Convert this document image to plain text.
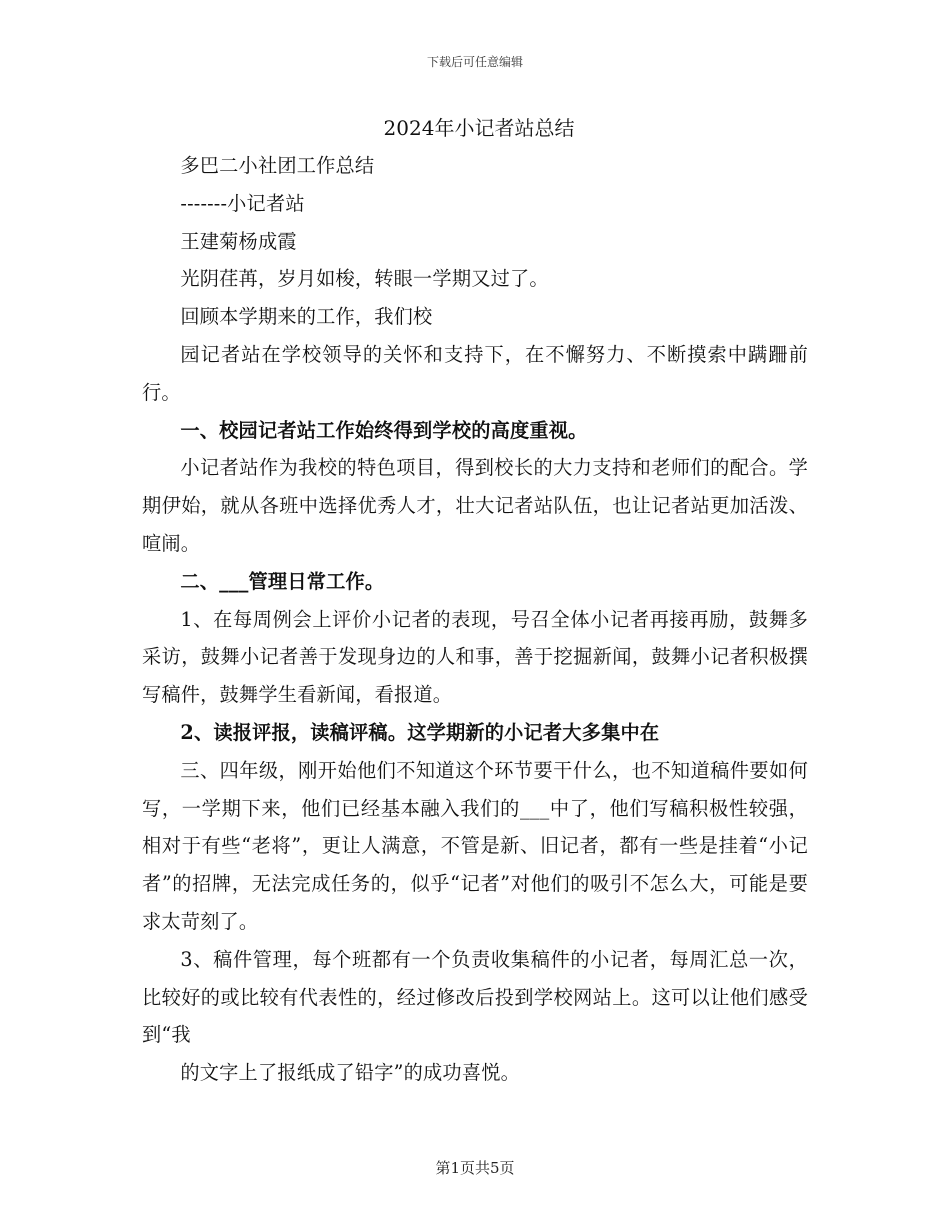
下载后可任意编辑
2024年小记者站总结

多巴二小社团工作总结

-------小记者站

王建菊杨成霞

光阴荏苒，岁月如梭，转眼一学期又过了。

回顾本学期来的工作，我们校

园记者站在学校领导的关怀和支持下，在不懈努力、不断摸索中蹒跚前行。

一、校园记者站工作始终得到学校的高度重视。

小记者站作为我校的特色项目，得到校长的大力支持和老师们的配合。学期伊始，就从各班中选择优秀人才，壮大记者站队伍，也让记者站更加活泼、喧闹。

二、___管理日常工作。

1、在每周例会上评价小记者的表现，号召全体小记者再接再励，鼓舞多采访，鼓舞小记者善于发现身边的人和事，善于挖掘新闻，鼓舞小记者积极撰写稿件，鼓舞学生看新闻，看报道。

2、读报评报，读稿评稿。这学期新的小记者大多集中在

三、四年级，刚开始他们不知道这个环节要干什么，也不知道稿件要如何写，一学期下来，他们已经基本融入我们的___中了，他们写稿积极性较强，相对于有些“老将”，更让人满意，不管是新、旧记者，都有一些是挂着“小记者”的招牌，无法完成任务的，似乎“记者”对他们的吸引不怎么大，可能是要求太苛刻了。

3、稿件管理，每个班都有一个负责收集稿件的小记者，每周汇总一次，比较好的或比较有代表性的，经过修改后投到学校网站上。这可以让他们感受到“我

的文字上了报纸成了铅字”的成功喜悦。

第1页共5页
